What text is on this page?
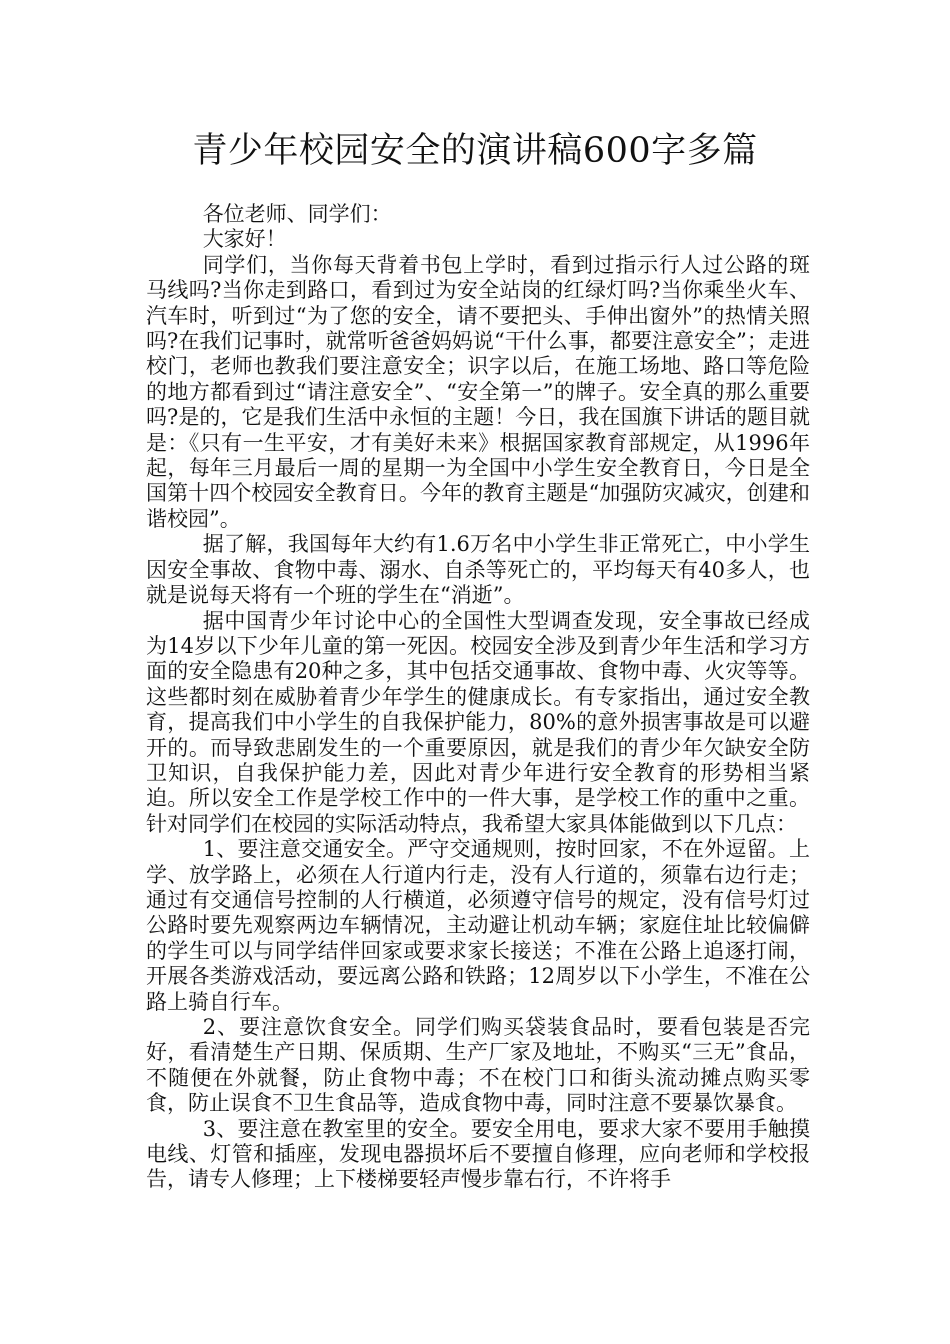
青少年校园安全的演讲稿600字多篇

各位老师、同学们：

大家好！

同学们，当你每天背着书包上学时，看到过指示行人过公路的斑马线吗?当你走到路口，看到过为安全站岗的红绿灯吗?当你乘坐火车、汽车时，听到过“为了您的安全，请不要把头、手伸出窗外”的热情关照吗?在我们记事时，就常听爸爸妈妈说“干什么事，都要注意安全”；走进校门，老师也教我们要注意安全；识字以后，在施工场地、路口等危险的地方都看到过“请注意安全”、“安全第一”的牌子。安全真的那么重要吗?是的，它是我们生活中永恒的主题！今日，我在国旗下讲话的题目就是：《只有一生平安，才有美好未来》根据国家教育部规定，从1996年起，每年三月最后一周的星期一为全国中小学生安全教育日，今日是全国第十四个校园安全教育日。今年的教育主题是“加强防灾减灾，创建和谐校园”。

据了解，我国每年大约有1.6万名中小学生非正常死亡，中小学生因安全事故、食物中毒、溺水、自杀等死亡的，平均每天有40多人，也就是说每天将有一个班的学生在“消逝”。

据中国青少年讨论中心的全国性大型调查发现，安全事故已经成为14岁以下少年儿童的第一死因。校园安全涉及到青少年生活和学习方面的安全隐患有20种之多，其中包括交通事故、食物中毒、火灾等等。这些都时刻在威胁着青少年学生的健康成长。有专家指出，通过安全教育，提高我们中小学生的自我保护能力，80%的意外损害事故是可以避开的。而导致悲剧发生的一个重要原因，就是我们的青少年欠缺安全防卫知识，自我保护能力差，因此对青少年进行安全教育的形势相当紧迫。所以安全工作是学校工作中的一件大事，是学校工作的重中之重。针对同学们在校园的实际活动特点，我希望大家具体能做到以下几点：

1、要注意交通安全。严守交通规则，按时回家，不在外逗留。上学、放学路上，必须在人行道内行走，没有人行道的，须靠右边行走；通过有交通信号控制的人行横道，必须遵守信号的规定，没有信号灯过公路时要先观察两边车辆情况，主动避让机动车辆；家庭住址比较偏僻的学生可以与同学结伴回家或要求家长接送；不准在公路上追逐打闹，开展各类游戏活动，要远离公路和铁路；12周岁以下小学生，不准在公路上骑自行车。

2、要注意饮食安全。同学们购买袋装食品时，要看包装是否完好，看清楚生产日期、保质期、生产厂家及地址，不购买“三无”食品，不随便在外就餐，防止食物中毒；不在校门口和街头流动摊点购买零食，防止误食不卫生食品等，造成食物中毒，同时注意不要暴饮暴食。

3、要注意在教室里的安全。要安全用电，要求大家不要用手触摸电线、灯管和插座，发现电器损坏后不要擅自修理，应向老师和学校报告，请专人修理；上下楼梯要轻声慢步靠右行，不许将手
